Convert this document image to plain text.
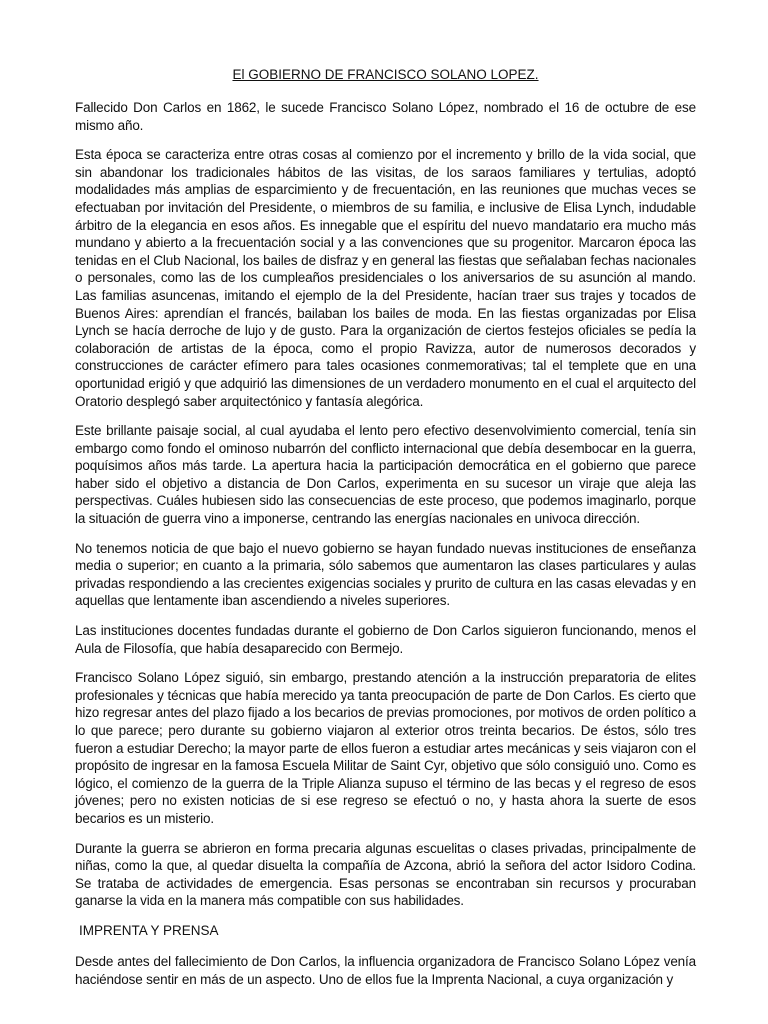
El GOBIERNO DE FRANCISCO SOLANO LOPEZ.

Fallecido Don Carlos en 1862, le sucede Francisco Solano López, nombrado el 16 de octubre de ese mismo año.

Esta época se caracteriza entre otras cosas al comienzo por el incremento y brillo de la vida social, que sin abandonar los tradicionales hábitos de las visitas, de los saraos familiares y tertulias, adoptó modalidades más amplias de esparcimiento y de frecuentación, en las reuniones que muchas veces se efectuaban por invitación del Presidente, o miembros de su familia, e inclusive de Elisa Lynch, indudable árbitro de la elegancia en esos años. Es innegable que el espíritu del nuevo mandatario era mucho más mundano y abierto a la frecuentación social y a las convenciones que su progenitor. Marcaron época las tenidas en el Club Nacional, los bailes de disfraz y en general las fiestas que señalaban fechas nacionales o personales, como las de los cumpleaños presidenciales o los aniversarios de su asunción al mando. Las familias asuncenas, imitando el ejemplo de la del Presidente, hacían traer sus trajes y tocados de Buenos Aires: aprendían el francés, bailaban los bailes de moda. En las fiestas organizadas por Elisa Lynch se hacía derroche de lujo y de gusto. Para la organización de ciertos festejos oficiales se pedía la colaboración de artistas de la época, como el propio Ravizza, autor de numerosos decorados y construcciones de carácter efímero para tales ocasiones conmemorativas; tal el templete que en una oportunidad erigió y que adquirió las dimensiones de un verdadero monumento en el cual el arquitecto del Oratorio desplegó saber arquitectónico y fantasía alegórica.

Este brillante paisaje social, al cual ayudaba el lento pero efectivo desenvolvimiento comercial, tenía sin embargo como fondo el ominoso nubarrón del conflicto internacional que debía desembocar en la guerra, poquísimos años más tarde. La apertura hacia la participación democrática en el gobierno que parece haber sido el objetivo a distancia de Don Carlos, experimenta en su sucesor un viraje que aleja las perspectivas. Cuáles hubiesen sido las consecuencias de este proceso, que podemos imaginarlo, porque la situación de guerra vino a imponerse, centrando las energías nacionales en univoca dirección.

No tenemos noticia de que bajo el nuevo gobierno se hayan fundado nuevas instituciones de enseñanza media o superior; en cuanto a la primaria, sólo sabemos que aumentaron las clases particulares y aulas privadas respondiendo a las crecientes exigencias sociales y prurito de cultura en las casas elevadas y en aquellas que lentamente iban ascendiendo a niveles superiores.

Las instituciones docentes fundadas durante el gobierno de Don Carlos siguieron funcionando, menos el Aula de Filosofía, que había desaparecido con Bermejo.

Francisco Solano López siguió, sin embargo, prestando atención a la instrucción preparatoria de elites profesionales y técnicas que había merecido ya tanta preocupación de parte de Don Carlos. Es cierto que hizo regresar antes del plazo fijado a los becarios de previas promociones, por motivos de orden político a lo que parece; pero durante su gobierno viajaron al exterior otros treinta becarios. De éstos, sólo tres fueron a estudiar Derecho; la mayor parte de ellos fueron a estudiar artes mecánicas y seis viajaron con el propósito de ingresar en la famosa Escuela Militar de Saint Cyr, objetivo que sólo consiguió uno. Como es lógico, el comienzo de la guerra de la Triple Alianza supuso el término de las becas y el regreso de esos jóvenes; pero no existen noticias de si ese regreso se efectuó o no, y hasta ahora la suerte de esos becarios es un misterio.

Durante la guerra se abrieron en forma precaria algunas escuelitas o clases privadas, principalmente de niñas, como la que, al quedar disuelta la compañía de Azcona, abrió la señora del actor Isidoro Codina. Se trataba de actividades de emergencia. Esas personas se encontraban sin recursos y procuraban ganarse la vida en la manera más compatible con sus habilidades.

IMPRENTA Y PRENSA

Desde antes del fallecimiento de Don Carlos, la influencia organizadora de Francisco Solano López venía haciéndose sentir en más de un aspecto. Uno de ellos fue la Imprenta Nacional, a cuya organización y
